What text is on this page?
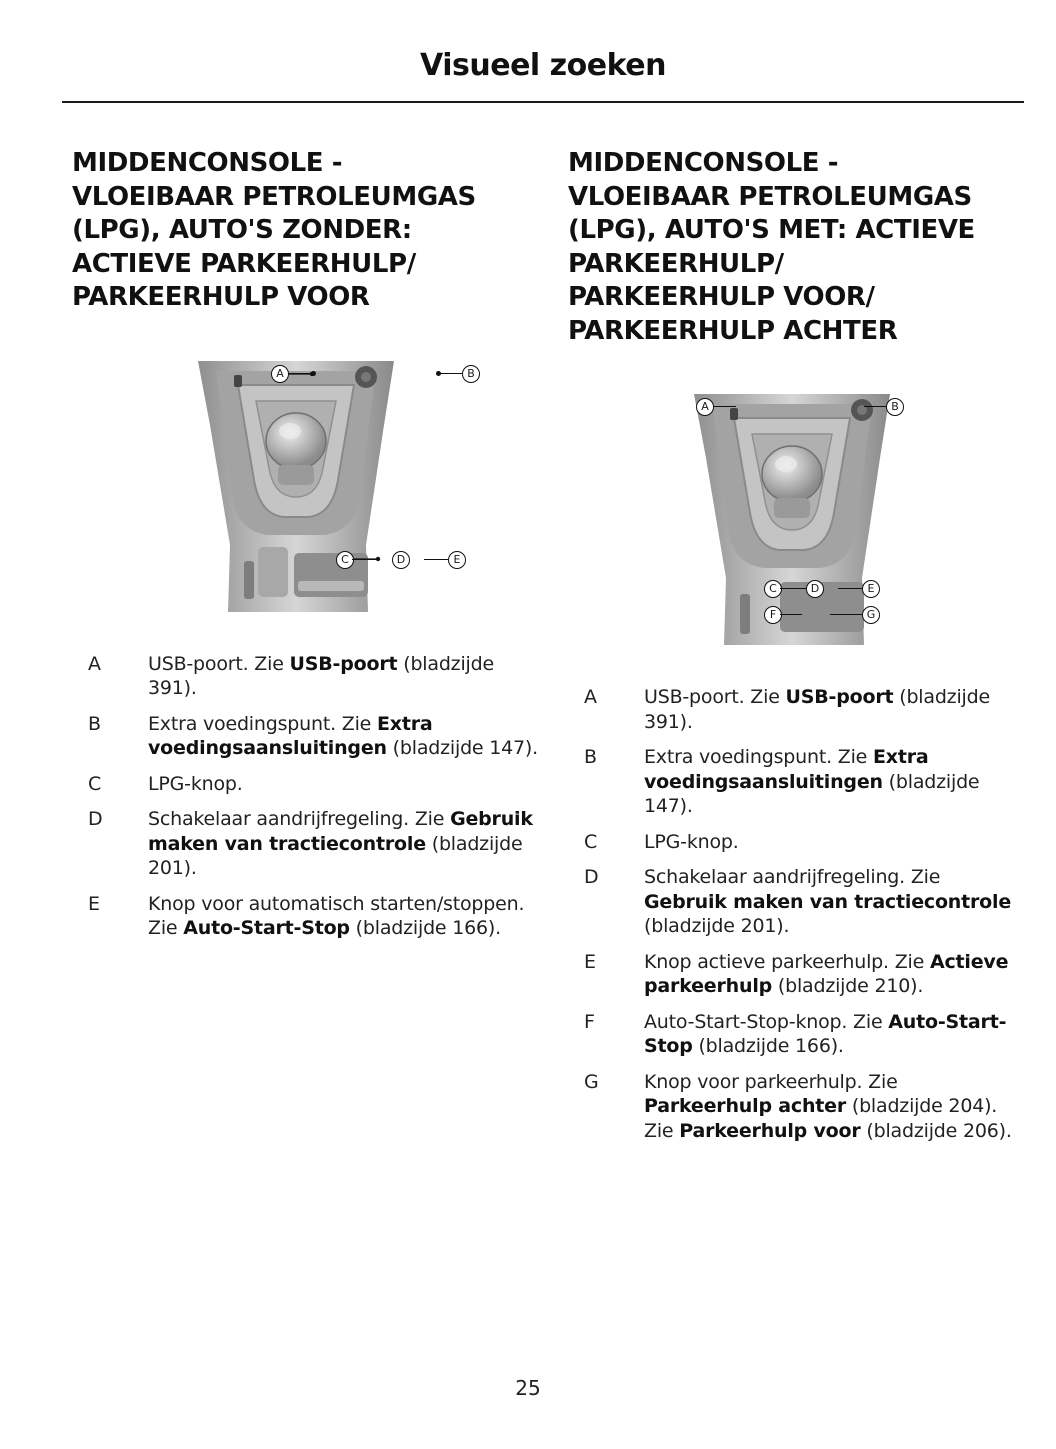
Visueel zoeken
MIDDENCONSOLE -
VLOEIBAAR PETROLEUMGAS
(LPG), AUTO'S ZONDER:
ACTIEVE PARKEERHULP/
PARKEERHULP VOOR
A	B
C	D	E
A	USB-poort. Zie USB-poort (bladzijde 391).
B	Extra voedingspunt. Zie Extra voedingsaansluitingen (bladzijde 147).
C	LPG-knop.
D	Schakelaar aandrijfregeling. Zie Gebruik maken van tractiecontrole (bladzijde 201).
E	Knop voor automatisch starten/stoppen. Zie Auto-Start-Stop (bladzijde 166).
MIDDENCONSOLE -
VLOEIBAAR PETROLEUMGAS
(LPG), AUTO'S MET: ACTIEVE
PARKEERHULP/
PARKEERHULP VOOR/
PARKEERHULP ACHTER
A	B
C	D	E
F	G
A	USB-poort. Zie USB-poort (bladzijde 391).
B	Extra voedingspunt. Zie Extra voedingsaansluitingen (bladzijde 147).
C	LPG-knop.
D	Schakelaar aandrijfregeling. Zie Gebruik maken van tractiecontrole (bladzijde 201).
E	Knop actieve parkeerhulp. Zie Actieve parkeerhulp (bladzijde 210).
F	Auto-Start-Stop-knop. Zie Auto-Start-Stop (bladzijde 166).
G	Knop voor parkeerhulp. Zie Parkeerhulp achter (bladzijde 204). Zie Parkeerhulp voor (bladzijde 206).
25
